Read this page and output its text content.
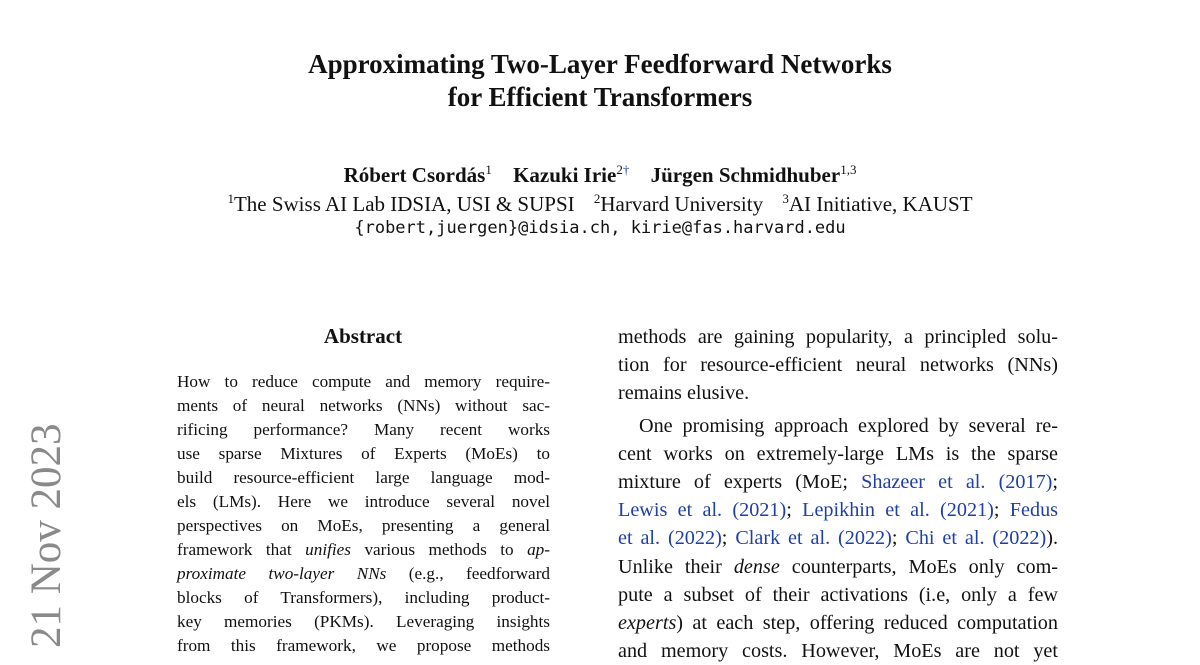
Approximating Two-Layer Feedforward Networks
for Efficient Transformers
Róbert Csordás$^1$ Kazuki Irie$^{2\dagger}$ Jürgen Schmidhuber$^{1,3}$
$^1$The Swiss AI Lab IDSIA, USI & SUPSI $^2$Harvard University $^3$AI Initiative, KAUST
{robert,juergen}@idsia.ch, kirie@fas.harvard.edu
Abstract
How to reduce compute and memory require-
ments of neural networks (NNs) without sac-
rificing performance? Many recent works
use sparse Mixtures of Experts (MoEs) to
build resource-efficient large language mod-
els (LMs). Here we introduce several novel
perspectives on MoEs, presenting a general
framework that unifies various methods to ap-
proximate two-layer NNs (e.g., feedforward
blocks of Transformers), including product-
key memories (PKMs). Leveraging insights
from this framework, we propose methods
methods are gaining popularity, a principled solu-
tion for resource-efficient neural networks (NNs)
remains elusive.
One promising approach explored by several re-
cent works on extremely-large LMs is the sparse
mixture of experts (MoE; Shazeer et al. (2017);
Lewis et al. (2021); Lepikhin et al. (2021); Fedus
et al. (2022); Clark et al. (2022); Chi et al. (2022)).
Unlike their dense counterparts, MoEs only com-
pute a subset of their activations (i.e, only a few
experts) at each step, offering reduced computation
and memory costs. However, MoEs are not yet
21 Nov 2023
